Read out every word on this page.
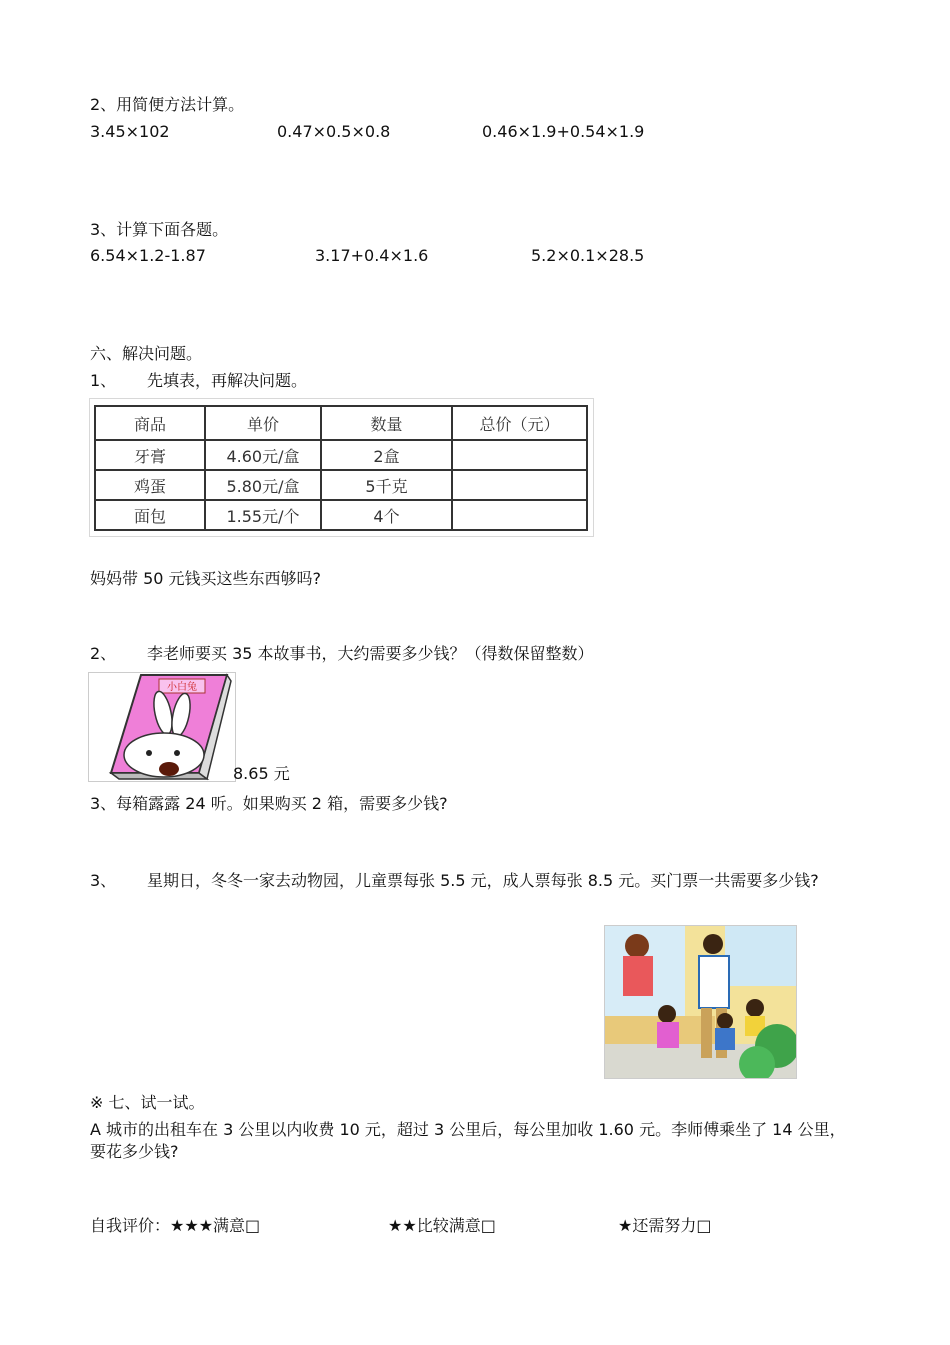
2、用简便方法计算。
3.45×102	0.47×0.5×0.8	0.46×1.9+0.54×1.9
3、计算下面各题。
6.54×1.2-1.87	3.17+0.4×1.6	5.2×0.1×28.5
六、解决问题。
1、 先填表，再解决问题。
商品	单价	数量	总价（元）
牙膏	4.60元/盒	2盒	
鸡蛋	5.80元/盒	5千克	
面包	1.55元/个	4个	
妈妈带 50 元钱买这些东西够吗?
2、 李老师要买 35 本故事书，大约需要多少钱？（得数保留整数）
小白兔
8.65 元
3、每箱露露 24 听。如果购买 2 箱，需要多少钱?
3、 星期日，冬冬一家去动物园，儿童票每张 5.5 元，成人票每张 8.5 元。买门票一共需要多少钱?
※ 七、试一试。
A 城市的出租车在 3 公里以内收费 10 元，超过 3 公里后，每公里加收 1.60 元。李师傅乘坐了 14 公里，要花多少钱?
自我评价：★★★满意□	★★比较满意□	★还需努力□
